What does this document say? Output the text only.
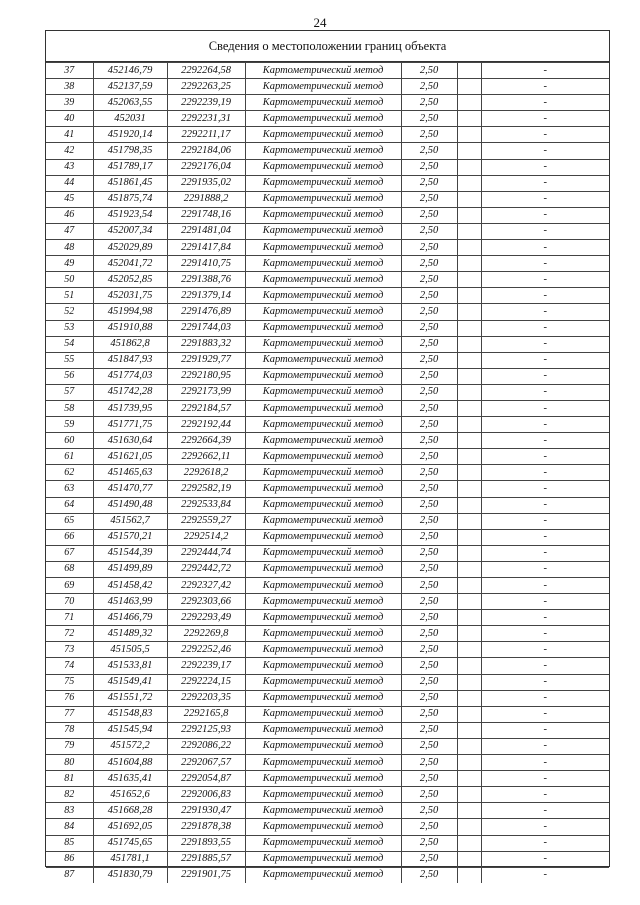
24
Сведения о местоположении границ объекта
37	452146,79	2292264,58	Картометрический метод	2,50		-
38	452137,59	2292263,25	Картометрический метод	2,50		-
39	452063,55	2292239,19	Картометрический метод	2,50		-
40	452031	2292231,31	Картометрический метод	2,50		-
41	451920,14	2292211,17	Картометрический метод	2,50		-
42	451798,35	2292184,06	Картометрический метод	2,50		-
43	451789,17	2292176,04	Картометрический метод	2,50		-
44	451861,45	2291935,02	Картометрический метод	2,50		-
45	451875,74	2291888,2	Картометрический метод	2,50		-
46	451923,54	2291748,16	Картометрический метод	2,50		-
47	452007,34	2291481,04	Картометрический метод	2,50		-
48	452029,89	2291417,84	Картометрический метод	2,50		-
49	452041,72	2291410,75	Картометрический метод	2,50		-
50	452052,85	2291388,76	Картометрический метод	2,50		-
51	452031,75	2291379,14	Картометрический метод	2,50		-
52	451994,98	2291476,89	Картометрический метод	2,50		-
53	451910,88	2291744,03	Картометрический метод	2,50		-
54	451862,8	2291883,32	Картометрический метод	2,50		-
55	451847,93	2291929,77	Картометрический метод	2,50		-
56	451774,03	2292180,95	Картометрический метод	2,50		-
57	451742,28	2292173,99	Картометрический метод	2,50		-
58	451739,95	2292184,57	Картометрический метод	2,50		-
59	451771,75	2292192,44	Картометрический метод	2,50		-
60	451630,64	2292664,39	Картометрический метод	2,50		-
61	451621,05	2292662,11	Картометрический метод	2,50		-
62	451465,63	2292618,2	Картометрический метод	2,50		-
63	451470,77	2292582,19	Картометрический метод	2,50		-
64	451490,48	2292533,84	Картометрический метод	2,50		-
65	451562,7	2292559,27	Картометрический метод	2,50		-
66	451570,21	2292514,2	Картометрический метод	2,50		-
67	451544,39	2292444,74	Картометрический метод	2,50		-
68	451499,89	2292442,72	Картометрический метод	2,50		-
69	451458,42	2292327,42	Картометрический метод	2,50		-
70	451463,99	2292303,66	Картометрический метод	2,50		-
71	451466,79	2292293,49	Картометрический метод	2,50		-
72	451489,32	2292269,8	Картометрический метод	2,50		-
73	451505,5	2292252,46	Картометрический метод	2,50		-
74	451533,81	2292239,17	Картометрический метод	2,50		-
75	451549,41	2292224,15	Картометрический метод	2,50		-
76	451551,72	2292203,35	Картометрический метод	2,50		-
77	451548,83	2292165,8	Картометрический метод	2,50		-
78	451545,94	2292125,93	Картометрический метод	2,50		-
79	451572,2	2292086,22	Картометрический метод	2,50		-
80	451604,88	2292067,57	Картометрический метод	2,50		-
81	451635,41	2292054,87	Картометрический метод	2,50		-
82	451652,6	2292006,83	Картометрический метод	2,50		-
83	451668,28	2291930,47	Картометрический метод	2,50		-
84	451692,05	2291878,38	Картометрический метод	2,50		-
85	451745,65	2291893,55	Картометрический метод	2,50		-
86	451781,1	2291885,57	Картометрический метод	2,50		-
87	451830,79	2291901,75	Картометрический метод	2,50		-
